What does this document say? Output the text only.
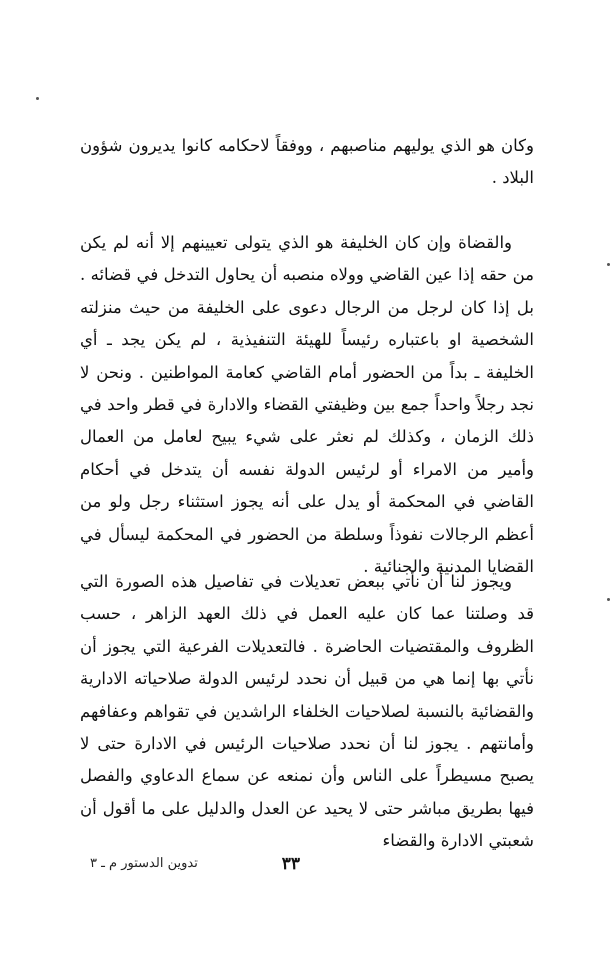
وكان هو الذي يوليهم مناصبهم ، ووفقاً لاحكامه كانوا يديرون شؤون البلاد .

والقضاة وإن كان الخليفة هو الذي يتولى تعيينهم إلا أنه لم يكن من حقه إذا عين القاضي وولاه منصبه أن يحاول التدخل في قضائه . بل إذا كان لرجل من الرجال دعوى على الخليفة من حيث منزلته الشخصية او باعتباره رئيساً للهيئة التنفيذية ، لم يكن يجد ـ أي الخليفة ـ بداً من الحضور أمام القاضي كعامة المواطنين . ونحن لا نجد رجلاً واحداً جمع بين وظيفتي القضاء والادارة في قطر واحد في ذلك الزمان ، وكذلك لم نعثر على شيء يبيح لعامل من العمال وأمير من الامراء أو لرئيس الدولة نفسه أن يتدخل في أحكام القاضي في المحكمة أو يدل على أنه يجوز استثناء رجل ولو من أعظم الرجالات نفوذاً وسلطة من الحضور في المحكمة ليسأل في القضايا المدنية والجنائية .

ويجوز لنا أن نأتي ببعض تعديلات في تفاصيل هذه الصورة التي قد وصلتنا عما كان عليه العمل في ذلك العهد الزاهر ، حسب الظروف والمقتضيات الحاضرة . فالتعديلات الفرعية التي يجوز أن نأتي بها إنما هي من قبيل أن نحدد لرئيس الدولة صلاحياته الادارية والقضائية بالنسبة لصلاحيات الخلفاء الراشدين في تقواهم وعفافهم وأمانتهم . يجوز لنا أن نحدد صلاحيات الرئيس في الادارة حتى لا يصبح مسيطراً على الناس وأن نمنعه عن سماع الدعاوي والفصل فيها بطريق مباشر حتى لا يحيد عن العدل والدليل على ما أقول أن شعبتي الادارة والقضاء

٣٣
تدوين الدستور م ـ ٣
